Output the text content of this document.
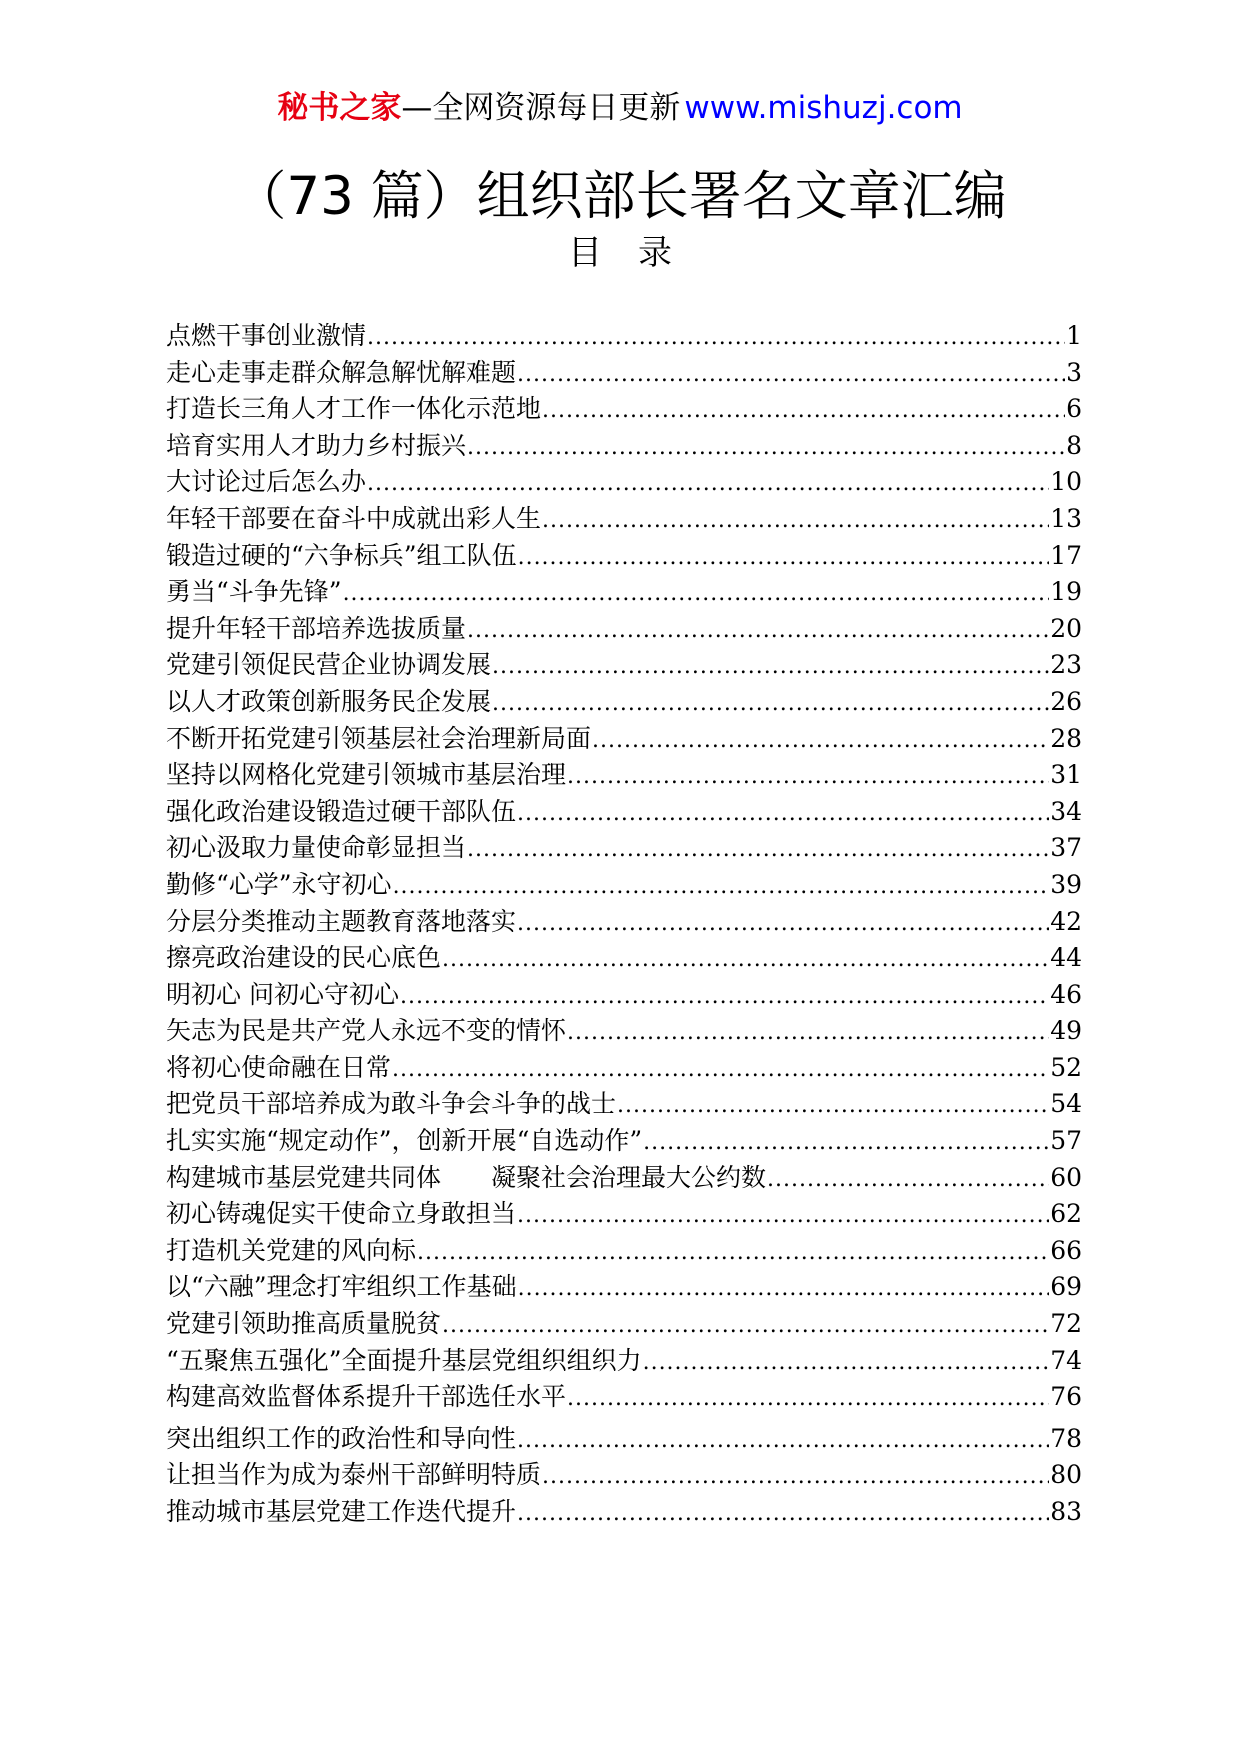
秘书之家—全网资源每日更新 www.mishuzj.com
（73 篇）组织部长署名文章汇编
目录
点燃干事创业激情 .....	1
走心走事走群众解急解忧解难题 .....	3
打造长三角人才工作一体化示范地 .....	6
培育实用人才助力乡村振兴 .....	8
大讨论过后怎么办 .....	10
年轻干部要在奋斗中成就出彩人生 .....	13
锻造过硬的“六争标兵”组工队伍 .....	17
勇当“斗争先锋” .....	19
提升年轻干部培养选拔质量 .....	20
党建引领促民营企业协调发展 .....	23
以人才政策创新服务民企发展 .....	26
不断开拓党建引领基层社会治理新局面 .....	28
坚持以网格化党建引领城市基层治理 .....	31
强化政治建设锻造过硬干部队伍 .....	34
初心汲取力量使命彰显担当 .....	37
勤修“心学”永守初心 .....	39
分层分类推动主题教育落地落实 .....	42
擦亮政治建设的民心底色 .....	44
明初心 问初心守初心 .....	46
矢志为民是共产党人永远不变的情怀 .....	49
将初心使命融在日常 .....	52
把党员干部培养成为敢斗争会斗争的战士 .....	54
扎实实施“规定动作”，创新开展“自选动作” .....	57
构建城市基层党建共同体　　凝聚社会治理最大公约数 .....	60
初心铸魂促实干使命立身敢担当 .....	62
打造机关党建的风向标 .....	66
以“六融”理念打牢组织工作基础 .....	69
党建引领助推高质量脱贫 .....	72
“五聚焦五强化”全面提升基层党组织组织力 .....	74
构建高效监督体系提升干部选任水平 .....	76
突出组织工作的政治性和导向性 .....	78
让担当作为成为泰州干部鲜明特质 .....	80
推动城市基层党建工作迭代提升 .....	83
